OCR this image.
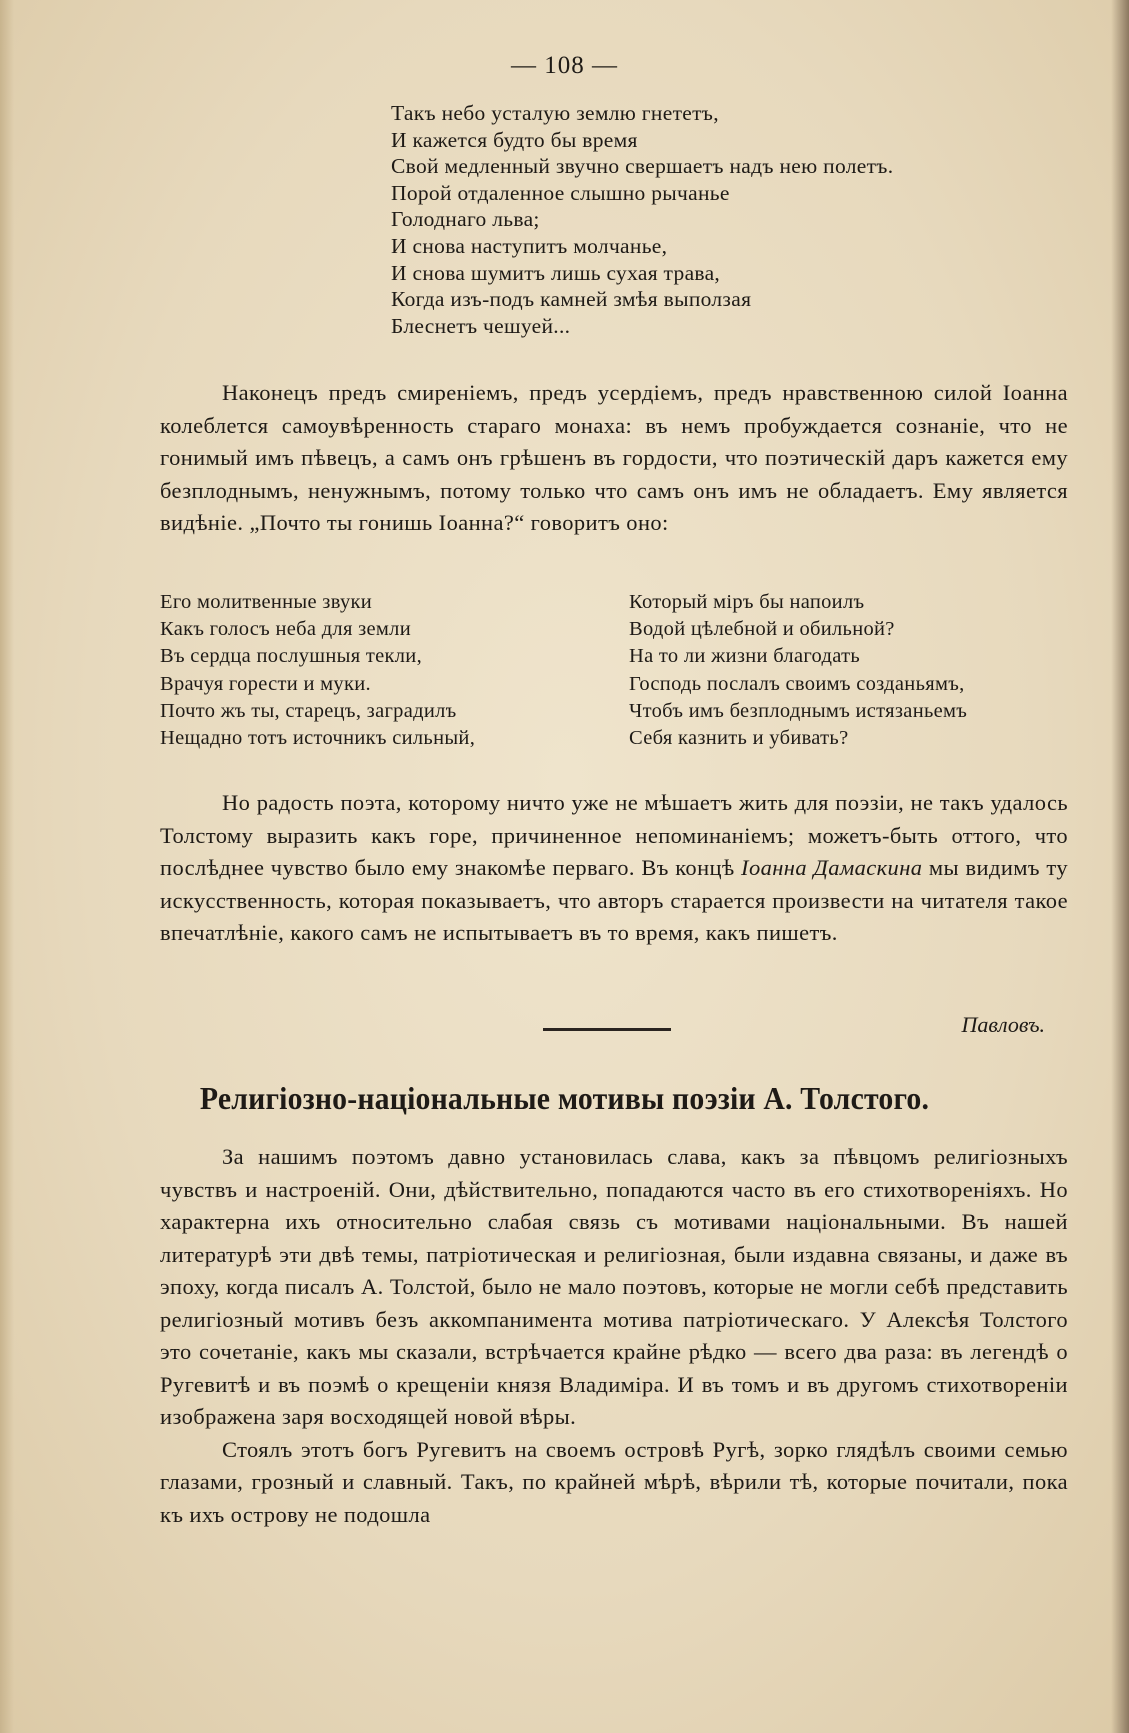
— 108 —
Такъ небо усталую землю гнететъ,
И кажется будто бы время
Свой медленный звучно свершаетъ надъ нею полетъ.
Порой отдаленное слышно рычанье
Голоднаго льва;
И снова наступитъ молчанье,
И снова шумитъ лишь сухая трава,
Когда изъ-подъ камней змѣя выползая
Блеснетъ чешуей...

Наконецъ предъ смиреніемъ, предъ усердіемъ, предъ нравственною силой Іоанна колеблется самоувѣренность стараго монаха: въ немъ пробуждается сознаніе, что не гонимый имъ пѣвецъ, а самъ онъ грѣшенъ въ гордости, что поэтическій даръ кажется ему безплоднымъ, ненужнымъ, потому только что самъ онъ имъ не обладаетъ. Ему является видѣніе. „Почто ты гонишь Іоанна?“ говоритъ оно:

Его молитвенные звуки
Какъ голосъ неба для земли
Въ сердца послушныя текли,
Врачуя горести и муки.
Почто жъ ты, старецъ, заградилъ
Нещадно тотъ источникъ сильный,
Который міръ бы напоилъ
Водой цѣлебной и обильной?
На то ли жизни благодать
Господь послалъ своимъ созданьямъ,
Чтобъ имъ безплоднымъ истязаньемъ
Себя казнить и убивать?

Но радость поэта, которому ничто уже не мѣшаетъ жить для поэзіи, не такъ удалось Толстому выразить какъ горе, причиненное непоминаніемъ; можетъ-быть оттого, что послѣднее чувство было ему знакомѣе перваго. Въ концѣ Іоанна Дамаскина мы видимъ ту искусственность, которая показываетъ, что авторъ старается произвести на читателя такое впечатлѣніе, какого самъ не испытываетъ въ то время, какъ пишетъ.

Павловъ.
Религіозно-національные мотивы поэзіи А. Толстого.

За нашимъ поэтомъ давно установилась слава, какъ за пѣвцомъ религіозныхъ чувствъ и настроеній. Они, дѣйствительно, попадаются часто въ его стихотвореніяхъ. Но характерна ихъ относительно слабая связь съ мотивами національными. Въ нашей литературѣ эти двѣ темы, патріотическая и религіозная, были издавна связаны, и даже въ эпоху, когда писалъ А. Толстой, было не мало поэтовъ, которые не могли себѣ представить религіозный мотивъ безъ аккомпанимента мотива патріотическаго. У Алексѣя Толстого это сочетаніе, какъ мы сказали, встрѣчается крайне рѣдко — всего два раза: въ легендѣ о Ругевитѣ и въ поэмѣ о крещеніи князя Владиміра. И въ томъ и въ другомъ стихотвореніи изображена заря восходящей новой вѣры.

Стоялъ этотъ богъ Ругевитъ на своемъ островѣ Ругѣ, зорко глядѣлъ своими семью глазами, грозный и славный. Такъ, по крайней мѣрѣ, вѣрили тѣ, которые почитали, пока къ ихъ острову не подошла
